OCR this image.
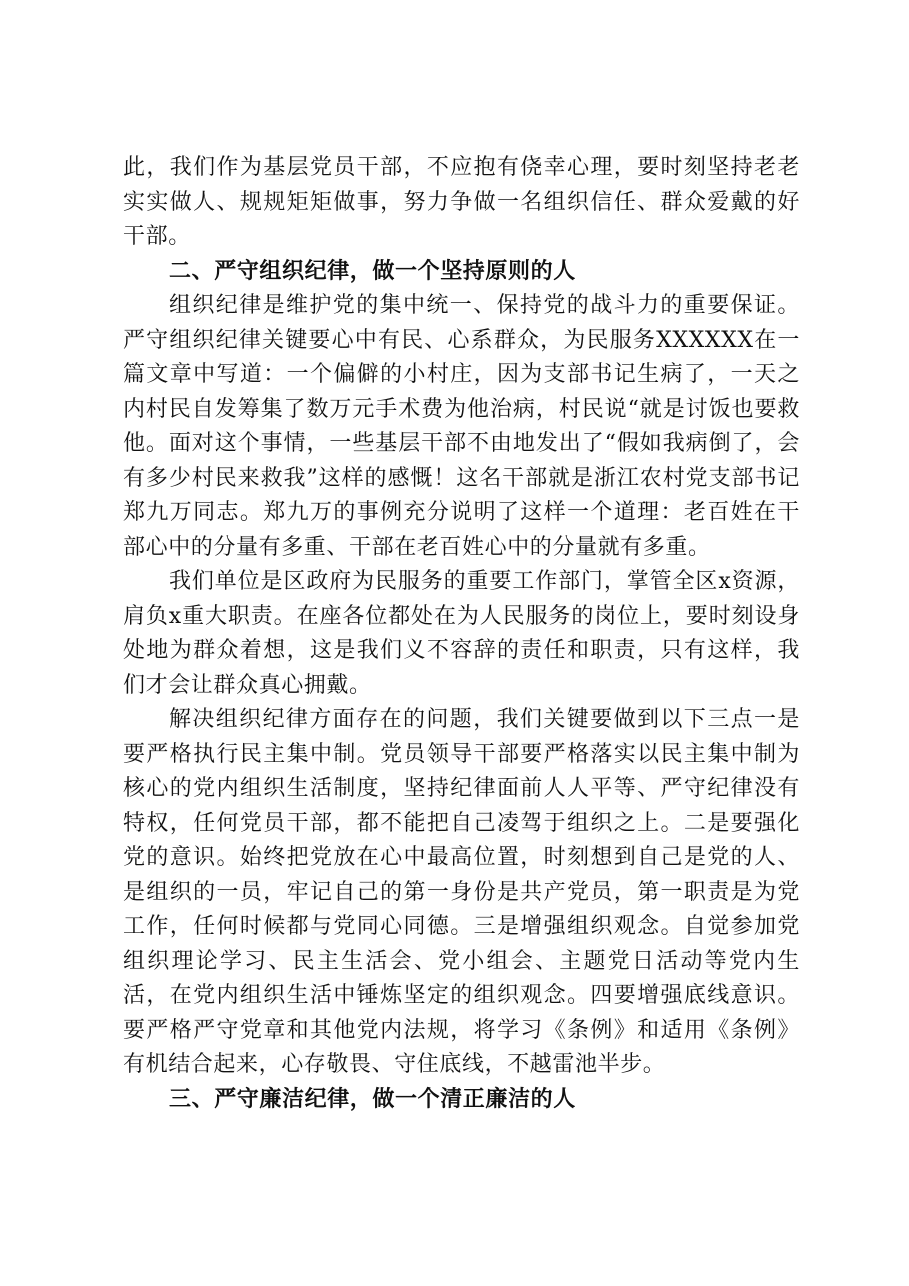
此，我们作为基层党员干部，不应抱有侥幸心理，要时刻坚持老老实实做人、规规矩矩做事，努力争做一名组织信任、群众爱戴的好干部。

二、严守组织纪律，做一个坚持原则的人

组织纪律是维护党的集中统一、保持党的战斗力的重要保证。严守组织纪律关键要心中有民、心系群众，为民服务XXXXXX在一篇文章中写道：一个偏僻的小村庄，因为支部书记生病了，一天之内村民自发筹集了数万元手术费为他治病，村民说“就是讨饭也要救他。面对这个事情，一些基层干部不由地发出了“假如我病倒了，会有多少村民来救我”这样的感慨！这名干部就是浙江农村党支部书记郑九万同志。郑九万的事例充分说明了这样一个道理：老百姓在干部心中的分量有多重、干部在老百姓心中的分量就有多重。

我们单位是区政府为民服务的重要工作部门，掌管全区x资源，肩负x重大职责。在座各位都处在为人民服务的岗位上，要时刻设身处地为群众着想，这是我们义不容辞的责任和职责，只有这样，我们才会让群众真心拥戴。

解决组织纪律方面存在的问题，我们关键要做到以下三点一是要严格执行民主集中制。党员领导干部要严格落实以民主集中制为核心的党内组织生活制度，坚持纪律面前人人平等、严守纪律没有特权，任何党员干部，都不能把自己凌驾于组织之上。二是要强化党的意识。始终把党放在心中最高位置，时刻想到自己是党的人、是组织的一员，牢记自己的第一身份是共产党员，第一职责是为党工作，任何时候都与党同心同德。三是增强组织观念。自觉参加党组织理论学习、民主生活会、党小组会、主题党日活动等党内生活，在党内组织生活中锤炼坚定的组织观念。四要增强底线意识。要严格严守党章和其他党内法规，将学习《条例》和适用《条例》有机结合起来，心存敬畏、守住底线，不越雷池半步。

三、严守廉洁纪律，做一个清正廉洁的人
